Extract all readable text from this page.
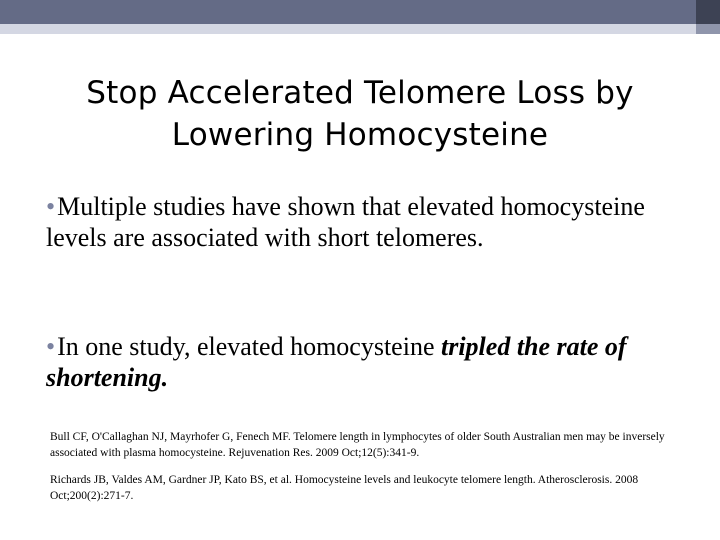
Stop Accelerated Telomere Loss by Lowering Homocysteine
•Multiple studies have shown that elevated homocysteine levels are associated with short telomeres.
•In one study, elevated homocysteine tripled the rate of shortening.
Bull CF, O'Callaghan NJ, Mayrhofer G, Fenech MF. Telomere length in lymphocytes of older South Australian men may be inversely associated with plasma homocysteine. Rejuvenation Res. 2009 Oct;12(5):341-9.
Richards JB, Valdes AM, Gardner JP, Kato BS, et al. Homocysteine levels and leukocyte telomere length. Atherosclerosis. 2008 Oct;200(2):271-7.
